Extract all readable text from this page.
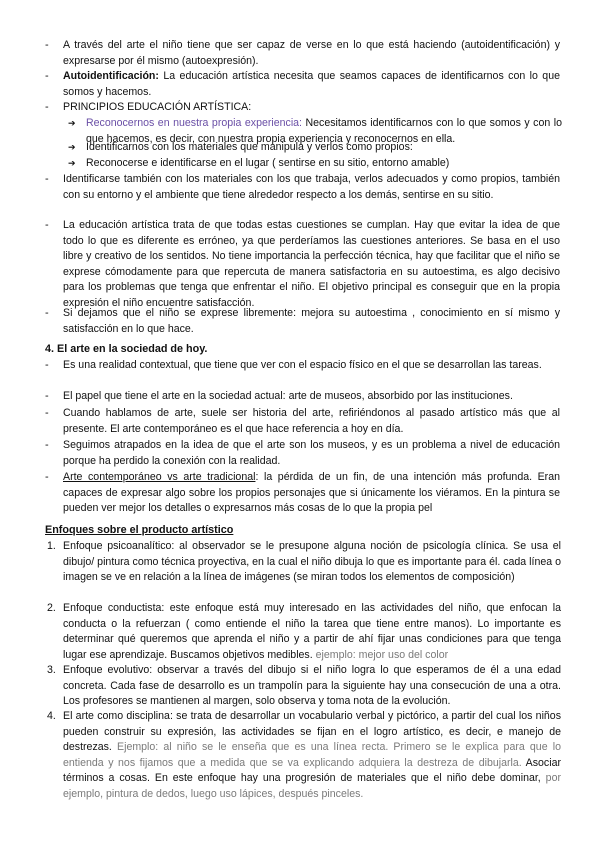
- A través del arte el niño tiene que ser capaz de verse en lo que está haciendo (autoidentificación) y expresarse por él mismo (autoexpresión).

- Autoidentificación: La educación artística necesita que seamos capaces de identificarnos con lo que somos y hacemos.

- PRINCIPIOS EDUCACIÓN ARTÍSTICA:

➔ Reconocernos en nuestra propia experiencia: Necesitamos identificarnos con lo que somos y con lo que hacemos, es decir, con nuestra propia experiencia y reconocernos en ella.

➔ Identificarnos con los materiales que manipula y verlos como propios:

➔ Reconocerse e identificarse en el lugar ( sentirse en su sitio, entorno amable)

- Identificarse también con los materiales con los que trabaja, verlos adecuados y como propios, también con su entorno y el ambiente que tiene alrededor respecto a los demás, sentirse en su sitio.

- La educación artística trata de que todas estas cuestiones se cumplan. Hay que evitar la idea de que todo lo que es diferente es erróneo, ya que perderíamos las cuestiones anteriores. Se basa en el uso libre y creativo de los sentidos. No tiene importancia la perfección técnica, hay que facilitar que el niño se exprese cómodamente para que repercuta de manera satisfactoria en su autoestima, es algo decisivo para los problemas que tenga que enfrentar el niño. El objetivo principal es conseguir que en la propia expresión el niño encuentre satisfacción.

- Si dejamos que el niño se exprese libremente: mejora su autoestima , conocimiento en sí mismo y satisfacción en lo que hace.

4. El arte en la sociedad de hoy.
- Es una realidad contextual, que tiene que ver con el espacio físico en el que se desarrollan las tareas.

- El papel que tiene el arte en la sociedad actual: arte de museos, absorbido por las instituciones.

- Cuando hablamos de arte, suele ser historia del arte, refiriéndonos al pasado artístico más que al presente. El arte contemporáneo es el que hace referencia a hoy en día.

- Seguimos atrapados en la idea de que el arte son los museos, y es un problema a nivel de educación porque ha perdido la conexión con la realidad.

- Arte contemporáneo vs arte tradicional: la pérdida de un fin, de una intención más profunda. Eran capaces de expresar algo sobre los propios personajes que si únicamente los viéramos. En la pintura se pueden ver mejor los detalles o expresarnos más cosas de lo que la propia pel

Enfoques sobre el producto artístico
1. Enfoque psicoanalítico: al observador se le presupone alguna noción de psicología clínica. Se usa el dibujo/ pintura como técnica proyectiva, en la cual el niño dibuja lo que es importante para él. cada línea o imagen se ve en relación a la línea de imágenes (se miran todos los elementos de composición)

2. Enfoque conductista: este enfoque está muy interesado en las actividades del niño, que enfocan la conducta o la refuerzan ( como entiende el niño la tarea que tiene entre manos). Lo importante es determinar qué queremos que aprenda el niño y a partir de ahí fijar unas condiciones para que tenga lugar ese aprendizaje. Buscamos objetivos medibles. ejemplo: mejor uso del color

3. Enfoque evolutivo: observar a través del dibujo si el niño logra lo que esperamos de él a una edad concreta. Cada fase de desarrollo es un trampolín para la siguiente hay una consecución de una a otra. Los profesores se mantienen al margen, solo observa y toma nota de la evolución.

4. El arte como disciplina: se trata de desarrollar un vocabulario verbal y pictórico, a partir del cual los niños pueden construir su expresión, las actividades se fijan en el logro artístico, es decir, e manejo de destrezas. Ejemplo: al niño se le enseña que es una línea recta. Primero se le explica para que lo entienda y nos fijamos que a medida que se va explicando adquiera la destreza de dibujarla. Asociar términos a cosas. En este enfoque hay una progresión de materiales que el niño debe dominar, por ejemplo, pintura de dedos, luego uso lápices, después pinceles.
